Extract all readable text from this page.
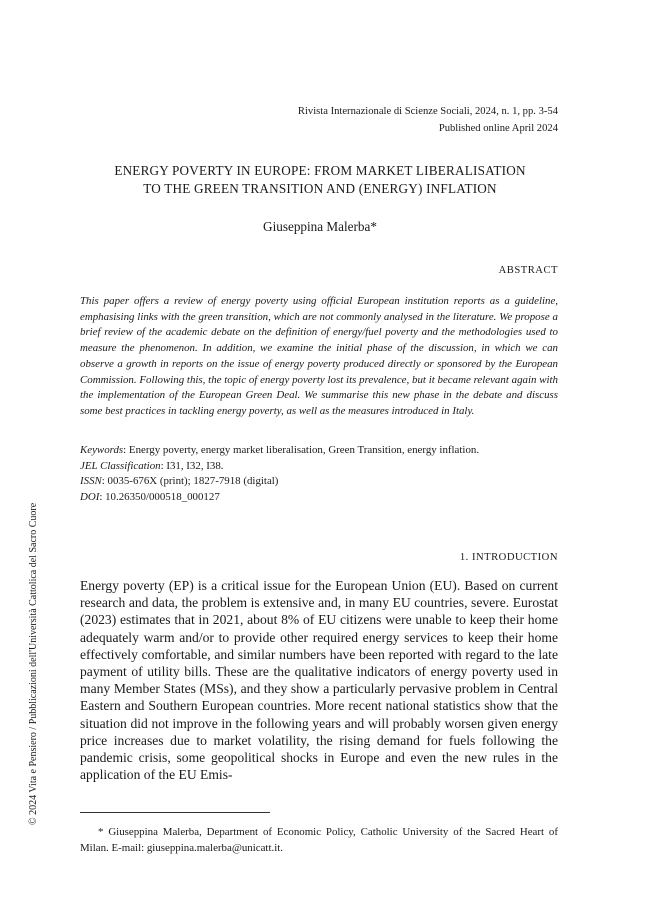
Rivista Internazionale di Scienze Sociali, 2024, n. 1, pp. 3-54
Published online April 2024
ENERGY POVERTY IN EUROPE: FROM MARKET LIBERALISATION
TO THE GREEN TRANSITION AND (ENERGY) INFLATION
Giuseppina Malerba*
ABSTRACT
This paper offers a review of energy poverty using official European institution reports as a guideline, emphasising links with the green transition, which are not commonly analysed in the literature. We propose a brief review of the academic debate on the definition of energy/fuel poverty and the methodologies used to measure the phenomenon. In addition, we examine the initial phase of the discussion, in which we can observe a growth in reports on the issue of energy poverty produced directly or sponsored by the European Commission. Following this, the topic of energy poverty lost its prevalence, but it became relevant again with the implementation of the European Green Deal. We summarise this new phase in the debate and discuss some best practices in tackling energy poverty, as well as the measures introduced in Italy.
Keywords: Energy poverty, energy market liberalisation, Green Transition, energy inflation.
JEL Classification: I31, I32, I38.
ISSN: 0035-676X (print); 1827-7918 (digital)
DOI: 10.26350/000518_000127
1. INTRODUCTION
Energy poverty (EP) is a critical issue for the European Union (EU). Based on current research and data, the problem is extensive and, in many EU countries, severe. Eurostat (2023) estimates that in 2021, about 8% of EU citizens were unable to keep their home adequately warm and/or to provide other required energy services to keep their home effectively comfortable, and similar numbers have been reported with regard to the late payment of utility bills. These are the qualitative indicators of energy poverty used in many Member States (MSs), and they show a particularly pervasive problem in Central Eastern and Southern European countries. More recent national statistics show that the situation did not improve in the following years and will probably worsen given energy price increases due to market volatility, the rising demand for fuels following the pandemic crisis, some geopolitical shocks in Europe and even the new rules in the application of the EU Emis-
* Giuseppina Malerba, Department of Economic Policy, Catholic University of the Sacred Heart of Milan. E-mail: giuseppina.malerba@unicatt.it.
© 2024 Vita e Pensiero / Pubblicazioni dell'Università Cattolica del Sacro Cuore
